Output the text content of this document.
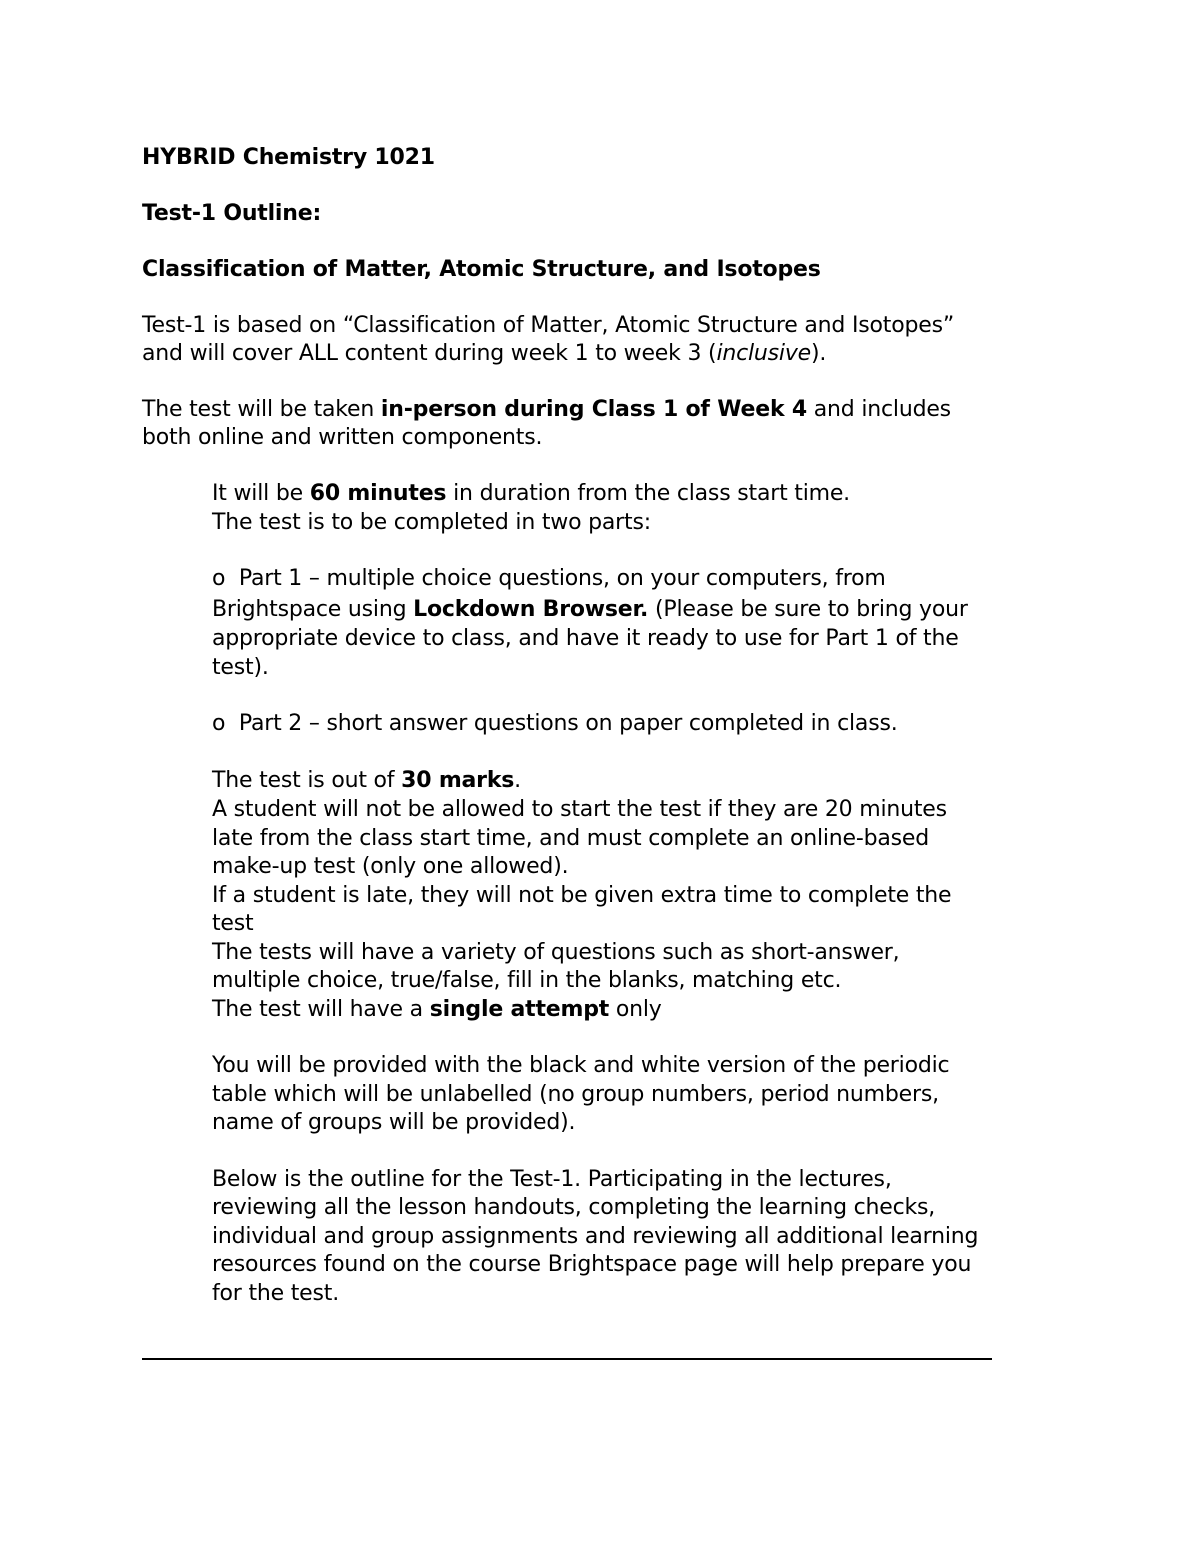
HYBRID Chemistry 1021
Test-1 Outline:
Classification of Matter, Atomic Structure, and Isotopes
Test-1 is based on “Classification of Matter, Atomic Structure and Isotopes”
and will cover ALL content during week 1 to week 3 (inclusive).
The test will be taken in-person during Class 1 of Week 4 and includes
both online and written components.
It will be 60 minutes in duration from the class start time.
The test is to be completed in two parts:
o Part 1 – multiple choice questions, on your computers, from
Brightspace using Lockdown Browser. (Please be sure to bring your
appropriate device to class, and have it ready to use for Part 1 of the
test).
o Part 2 – short answer questions on paper completed in class.
The test is out of 30 marks.
A student will not be allowed to start the test if they are 20 minutes
late from the class start time, and must complete an online-based
make-up test (only one allowed).
If a student is late, they will not be given extra time to complete the
test
The tests will have a variety of questions such as short-answer,
multiple choice, true/false, fill in the blanks, matching etc.
The test will have a single attempt only
You will be provided with the black and white version of the periodic
table which will be unlabelled (no group numbers, period numbers,
name of groups will be provided).
Below is the outline for the Test-1. Participating in the lectures,
reviewing all the lesson handouts, completing the learning checks,
individual and group assignments and reviewing all additional learning
resources found on the course Brightspace page will help prepare you
for the test.
